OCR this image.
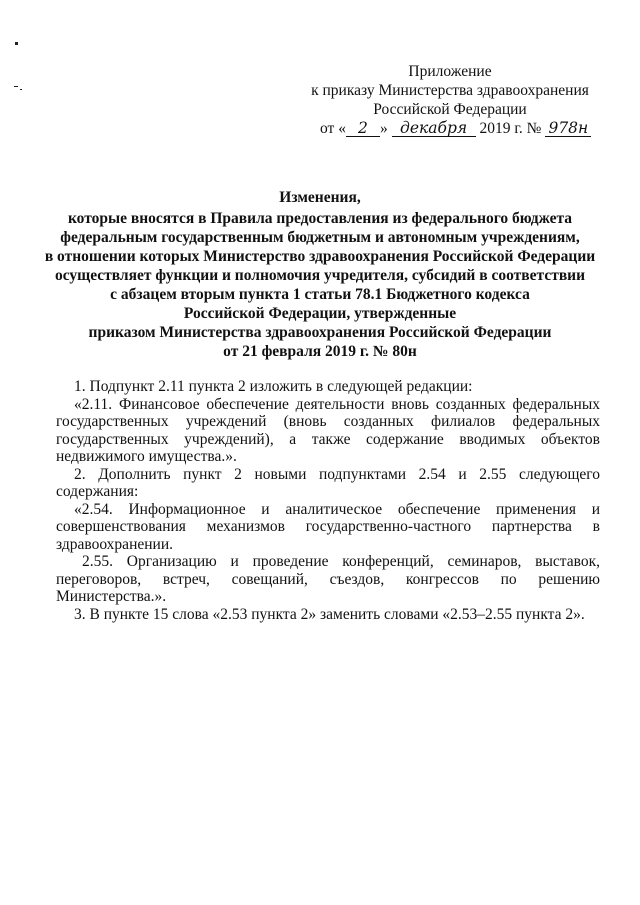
Приложение
к приказу Министерства здравоохранения
Российской Федерации
от « 2 » декабря 2019 г. № 978н
Изменения,
которые вносятся в Правила предоставления из федерального бюджета
федеральным государственным бюджетным и автономным учреждениям,
в отношении которых Министерство здравоохранения Российской Федерации
осуществляет функции и полномочия учредителя, субсидий в соответствии
с абзацем вторым пункта 1 статьи 78.1 Бюджетного кодекса
Российской Федерации, утвержденные
приказом Министерства здравоохранения Российской Федерации
от 21 февраля 2019 г. № 80н

1. Подпункт 2.11 пункта 2 изложить в следующей редакции:

«2.11. Финансовое обеспечение деятельности вновь созданных федеральных государственных учреждений (вновь созданных филиалов федеральных государственных учреждений), а также содержание вводимых объектов недвижимого имущества.».

2. Дополнить пункт 2 новыми подпунктами 2.54 и 2.55 следующего содержания:

«2.54. Информационное и аналитическое обеспечение применения и совершенствования механизмов государственно-частного партнерства в здравоохранении.

2.55. Организацию и проведение конференций, семинаров, выставок, переговоров, встреч, совещаний, съездов, конгрессов по решению Министерства.».

3. В пункте 15 слова «2.53 пункта 2» заменить словами «2.53–2.55 пункта 2».
